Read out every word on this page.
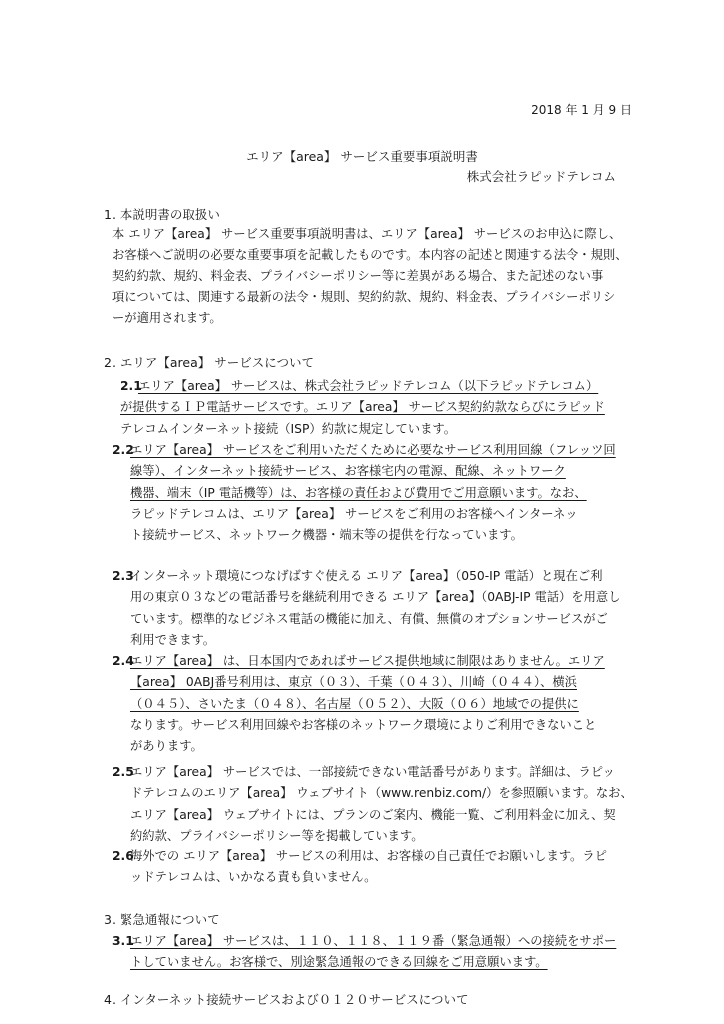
2018 年 1 月 9 日
エリア【area】 サービス重要事項説明書
株式会社ラピッドテレコム
1. 本説明書の取扱い

本 エリア【area】 サービス重要事項説明書は、エリア【area】 サービスのお申込に際し、

お客様へご説明の必要な重要事項を記載したものです。本内容の記述と関連する法令・規則、

契約約款、規約、料金表、プライバシーポリシー等に差異がある場合、また記述のない事

項については、関連する最新の法令・規則、契約約款、規約、料金表、プライバシーポリシ

ーが適用されます。

2. エリア【area】 サービスについて
2.1

エリア【area】 サービスは、株式会社ラピッドテレコム（以下ラピッドテレコム）

が提供するＩＰ電話サービスです。エリア【area】 サービス契約約款ならびにラピッド

テレコムインターネット接続（ISP）約款に規定しています。

2.2

エリア【area】 サービスをご利用いただくために必要なサービス利用回線（フレッツ回

線等）、インターネット接続サービス、お客様宅内の電源、配線、ネットワーク

機器、端末（IP 電話機等）は、お客様の責任および費用でご用意願います。なお、

ラピッドテレコムは、エリア【area】 サービスをご利用のお客様へインターネッ

ト接続サービス、ネットワーク機器・端末等の提供を行なっています。

2.3

インターネット環境につなげばすぐ使える エリア【area】（050-IP 電話）と現在ご利

用の東京０３などの電話番号を継続利用できる エリア【area】（0ABJ-IP 電話）を用意し

ています。標準的なビジネス電話の機能に加え、有償、無償のオプションサービスがご

利用できます。

2.4

エリア【area】 は、日本国内であればサービス提供地域に制限はありません。エリア

【area】 0ABJ番号利用は、東京（０３）、千葉（０４３）、川崎（０４４）、横浜

（０４５）、さいたま（０４８）、名古屋（０５２）、大阪（０６）地域での提供に

なります。サービス利用回線やお客様のネットワーク環境によりご利用できないこと

があります。

2.5

エリア【area】 サービスでは、一部接続できない電話番号があります。詳細は、ラピッ

ドテレコムのエリア【area】 ウェブサイト（www.renbiz.com/）を参照願います。なお、

エリア【area】 ウェブサイトには、プランのご案内、機能一覧、ご利用料金に加え、契

約約款、プライバシーポリシー等を掲載しています。

2.6

海外での エリア【area】 サービスの利用は、お客様の自己責任でお願いします。ラピ

ッドテレコムは、いかなる責も負いません。

3. 緊急通報について
3.1

エリア【area】 サービスは、１１０、１１８、１１９番（緊急通報）への接続をサポー

トしていません。お客様で、別途緊急通報のできる回線をご用意願います。

4. インターネット接続サービスおよび０１２０サービスについて
